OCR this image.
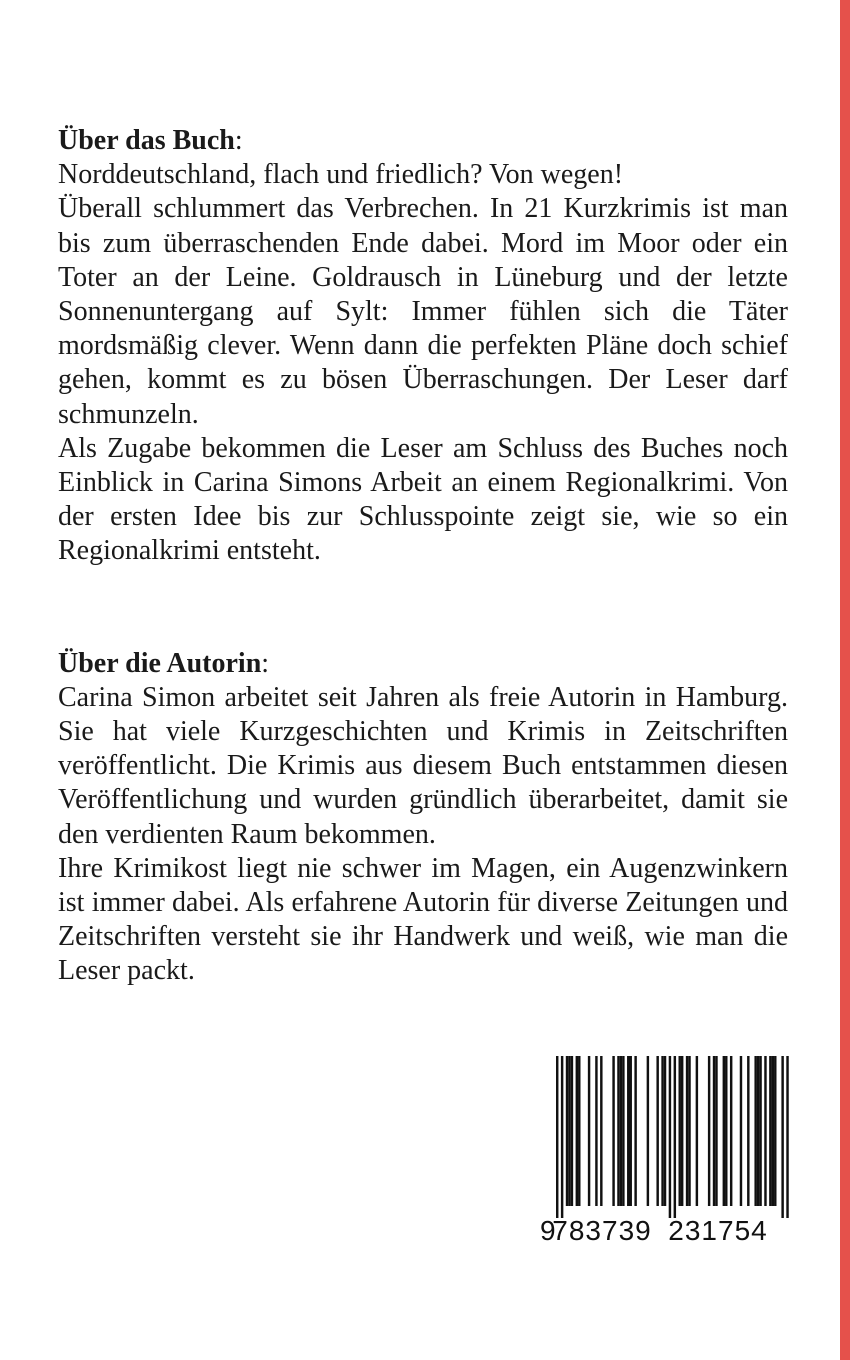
Über das Buch:

Norddeutschland, flach und friedlich? Von wegen!

Überall schlummert das Verbrechen. In 21 Kurzkrimis ist man bis zum überraschenden Ende dabei. Mord im Moor oder ein Toter an der Leine. Goldrausch in Lüneburg und der letzte Sonnenuntergang auf Sylt: Immer fühlen sich die Täter mordsmäßig clever. Wenn dann die perfekten Pläne doch schief gehen, kommt es zu bösen Überraschungen. Der Leser darf schmunzeln.

Als Zugabe bekommen die Leser am Schluss des Buches noch Einblick in Carina Simons Arbeit an einem Regionalkrimi. Von der ersten Idee bis zur Schlusspointe zeigt sie, wie so ein Regionalkrimi entsteht.

Über die Autorin:

Carina Simon arbeitet seit Jahren als freie Autorin in Hamburg. Sie hat viele Kurzgeschichten und Krimis in Zeitschriften veröffentlicht. Die Krimis aus diesem Buch entstammen diesen Veröffentlichung und wurden gründlich überarbeitet, damit sie den verdienten Raum bekommen.

Ihre Krimikost liegt nie schwer im Magen, ein Augenzwinkern ist immer dabei. Als erfahrene Autorin für diverse Zeitungen und Zeitschriften versteht sie ihr Handwerk und weiß, wie man die Leser packt.

9
783739 231754
